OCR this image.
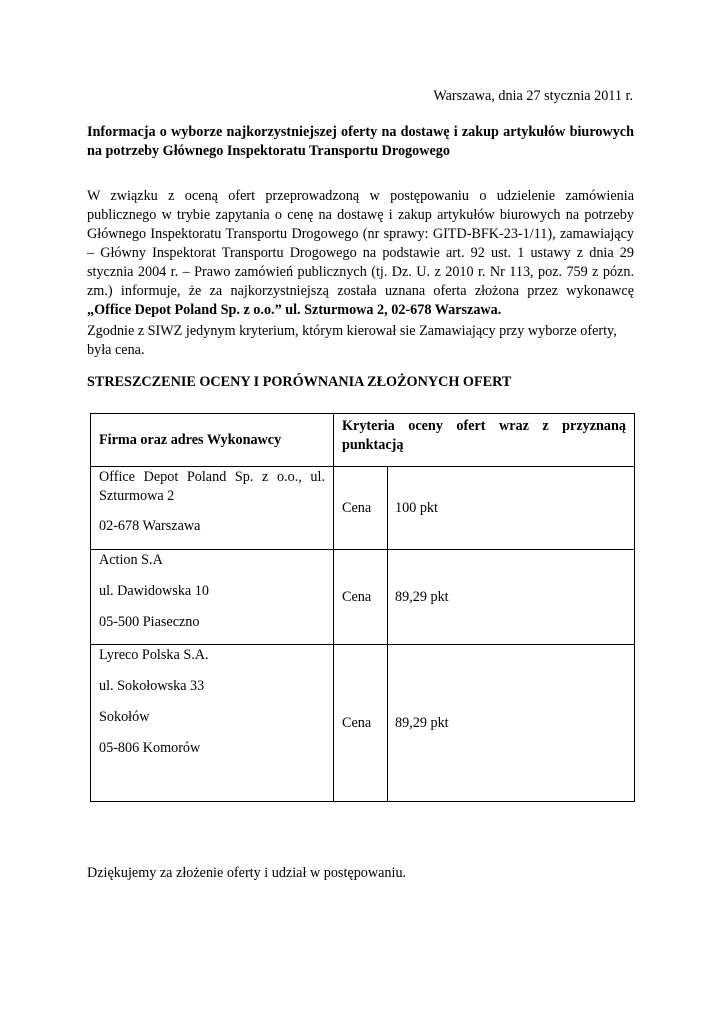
Warszawa, dnia 27 stycznia 2011 r.
Informacja o wyborze najkorzystniejszej oferty na dostawę i zakup artykułów biurowych na potrzeby Głównego Inspektoratu Transportu Drogowego
W związku z oceną ofert przeprowadzoną w postępowaniu o udzielenie zamówienia publicznego w trybie zapytania o cenę na dostawę i zakup artykułów biurowych na potrzeby Głównego Inspektoratu Transportu Drogowego (nr sprawy: GITD-BFK-23-1/11), zamawiający – Główny Inspektorat Transportu Drogowego na podstawie art. 92 ust. 1 ustawy z dnia 29 stycznia 2004 r. – Prawo zamówień publicznych (tj. Dz. U. z 2010 r. Nr 113, poz. 759 z pózn. zm.) informuje, że za najkorzystniejszą została uznana oferta złożona przez wykonawcę „Office Depot Poland Sp. z o.o.” ul. Szturmowa 2, 02-678 Warszawa.
Zgodnie z SIWZ jedynym kryterium, którym kierował sie Zamawiający przy wyborze oferty, była cena.
STRESZCZENIE OCENY I PORÓWNANIA ZŁOŻONYCH OFERT
Firma oraz adres Wykonawcy	Kryteria oceny ofert wraz z przyznaną punktacją	

Office Depot Poland Sp. z o.o., ul. Szturmowa 2

02-678 Warszawa	Cena	100 pkt

Action S.A

ul. Dawidowska 10

05-500 Piaseczno	Cena	89,29 pkt

Lyreco Polska S.A.

ul. Sokołowska 33

Sokołów

05-806 Komorów	Cena	89,29 pkt
Dziękujemy za złożenie oferty i udział w postępowaniu.
